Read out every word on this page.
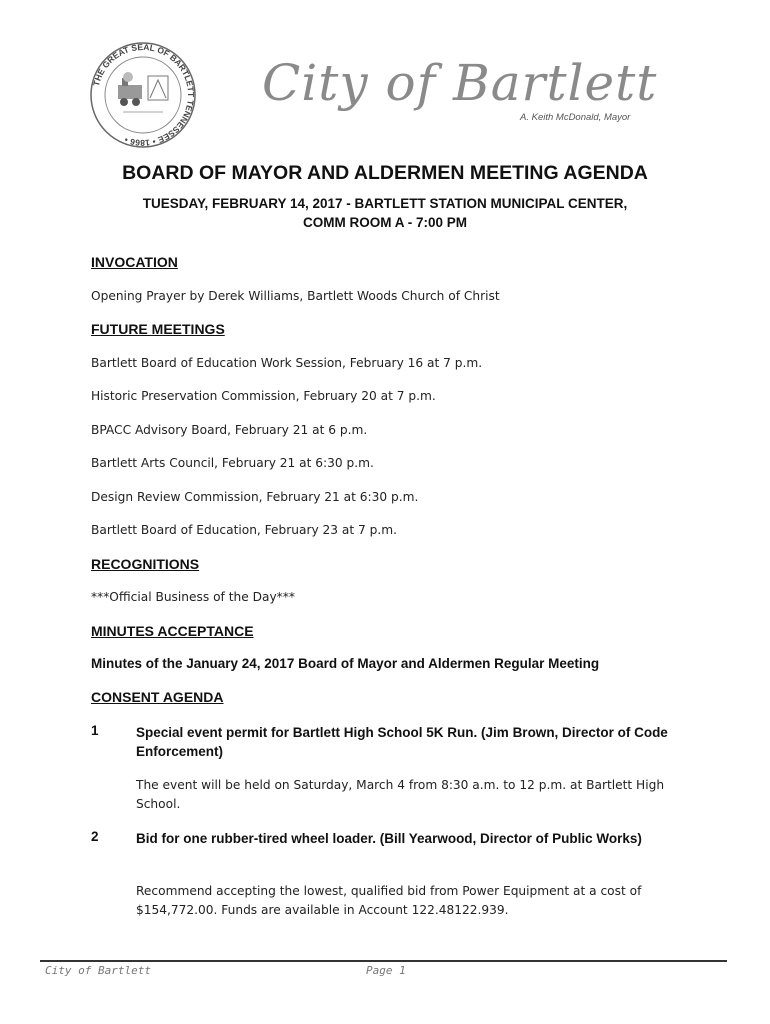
THE GREAT SEAL OF BARTLETT TENNESSEE • 1866 •
City of Bartlett
A. Keith McDonald, Mayor
BOARD OF MAYOR AND ALDERMEN MEETING AGENDA
TUESDAY, FEBRUARY 14, 2017 - BARTLETT STATION MUNICIPAL CENTER,
COMM ROOM A - 7:00 PM
INVOCATION
Opening Prayer by Derek Williams, Bartlett Woods Church of Christ
FUTURE MEETINGS
Bartlett Board of Education Work Session, February 16 at 7 p.m.
Historic Preservation Commission, February 20 at 7 p.m.
BPACC Advisory Board, February 21 at 6 p.m.
Bartlett Arts Council, February 21 at 6:30 p.m.
Design Review Commission, February 21 at 6:30 p.m.
Bartlett Board of Education, February 23 at 7 p.m.
RECOGNITIONS
***Official Business of the Day***
MINUTES ACCEPTANCE
Minutes of the January 24, 2017 Board of Mayor and Aldermen Regular Meeting
CONSENT AGENDA
1	Special event permit for Bartlett High School 5K Run. (Jim Brown, Director of Code Enforcement)
The event will be held on Saturday, March 4 from 8:30 a.m. to 12 p.m. at Bartlett High School.
2	Bid for one rubber-tired wheel loader. (Bill Yearwood, Director of Public Works)
Recommend accepting the lowest, qualified bid from Power Equipment at a cost of $154,772.00. Funds are available in Account 122.48122.939.
City of Bartlett	Page 1
